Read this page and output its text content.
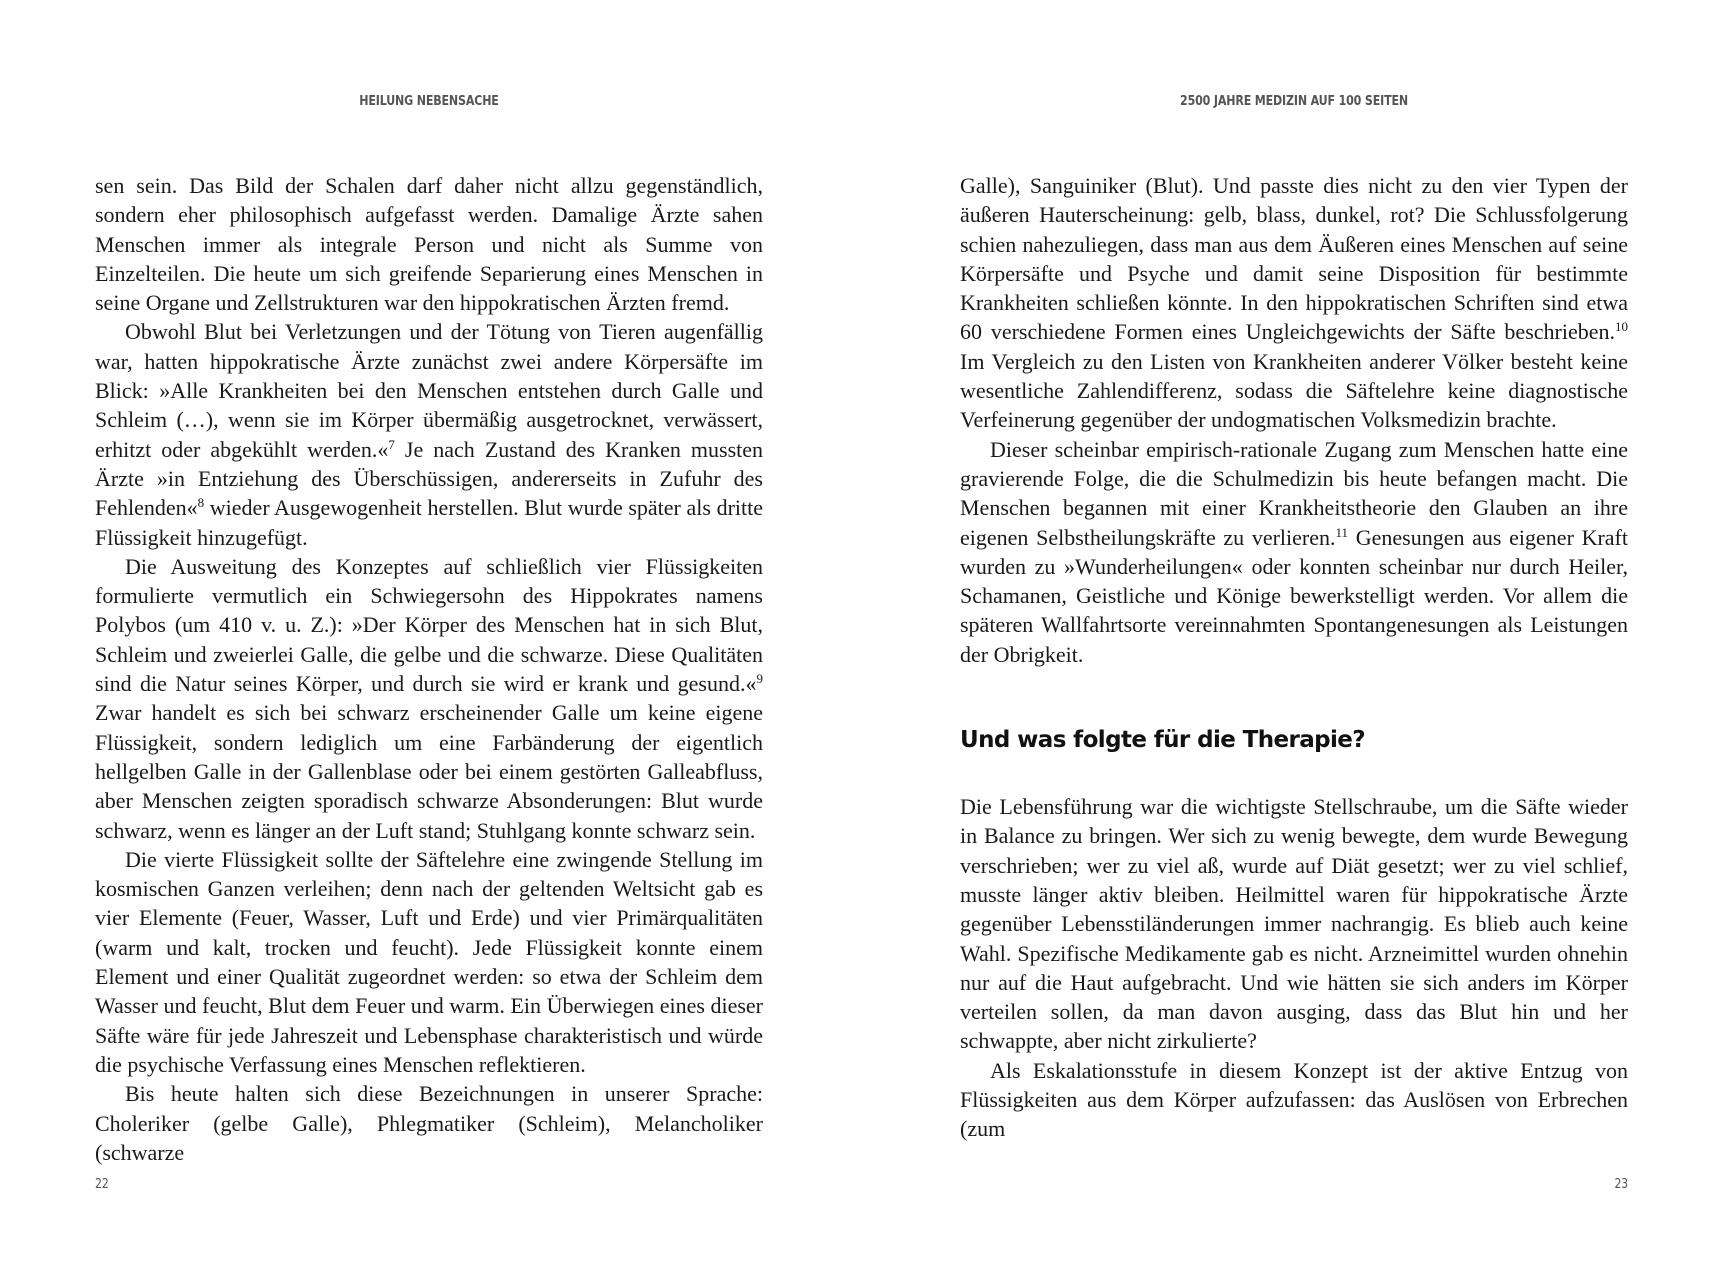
HEILUNG NEBENSACHE

sen sein. Das Bild der Schalen darf daher nicht allzu gegenständlich, sondern eher philosophisch aufgefasst werden. Damalige Ärzte sahen Menschen immer als integrale Person und nicht als Summe von Einzelteilen. Die heute um sich greifende Separierung eines Menschen in seine Organe und Zellstrukturen war den hippokratischen Ärzten fremd.

Obwohl Blut bei Verletzungen und der Tötung von Tieren augenfällig war, hatten hippokratische Ärzte zunächst zwei andere Körpersäfte im Blick: »Alle Krankheiten bei den Menschen entstehen durch Galle und Schleim (…), wenn sie im Körper übermäßig ausgetrocknet, verwässert, erhitzt oder abgekühlt werden.«$^7$ Je nach Zustand des Kranken mussten Ärzte »in Entziehung des Überschüssigen, andererseits in Zufuhr des Fehlenden«$^8$ wieder Ausgewogenheit herstellen. Blut wurde später als dritte Flüssigkeit hinzugefügt.

Die Ausweitung des Konzeptes auf schließlich vier Flüssigkeiten formulierte vermutlich ein Schwiegersohn des Hippokrates namens Polybos (um 410 v. u. Z.): »Der Körper des Menschen hat in sich Blut, Schleim und zweierlei Galle, die gelbe und die schwarze. Diese Qualitäten sind die Natur seines Körper, und durch sie wird er krank und gesund.«$^9$ Zwar handelt es sich bei schwarz erscheinender Galle um keine eigene Flüssigkeit, sondern lediglich um eine Farbänderung der eigentlich hellgelben Galle in der Gallenblase oder bei einem gestörten Galleabfluss, aber Menschen zeigten sporadisch schwarze Absonderungen: Blut wurde schwarz, wenn es länger an der Luft stand; Stuhlgang konnte schwarz sein.

Die vierte Flüssigkeit sollte der Säftelehre eine zwingende Stellung im kosmischen Ganzen verleihen; denn nach der geltenden Weltsicht gab es vier Elemente (Feuer, Wasser, Luft und Erde) und vier Primärqualitäten (warm und kalt, trocken und feucht). Jede Flüssigkeit konnte einem Element und einer Qualität zugeordnet werden: so etwa der Schleim dem Wasser und feucht, Blut dem Feuer und warm. Ein Überwiegen eines dieser Säfte wäre für jede Jahreszeit und Lebensphase charakteristisch und würde die psychische Verfassung eines Menschen reflektieren.

Bis heute halten sich diese Bezeichnungen in unserer Sprache: Choleriker (gelbe Galle), Phlegmatiker (Schleim), Melancholiker (schwarze

22
2500 JAHRE MEDIZIN AUF 100 SEITEN

Galle), Sanguiniker (Blut). Und passte dies nicht zu den vier Typen der äußeren Hauterscheinung: gelb, blass, dunkel, rot? Die Schlussfolgerung schien nahezuliegen, dass man aus dem Äußeren eines Menschen auf seine Körpersäfte und Psyche und damit seine Disposition für bestimmte Krankheiten schließen könnte. In den hippokratischen Schriften sind etwa 60 verschiedene Formen eines Ungleichgewichts der Säfte beschrieben.$^{10}$ Im Vergleich zu den Listen von Krankheiten anderer Völker besteht keine wesentliche Zahlendifferenz, sodass die Säftelehre keine diagnostische Verfeinerung gegenüber der undogmatischen Volksmedizin brachte.

Dieser scheinbar empirisch-rationale Zugang zum Menschen hatte eine gravierende Folge, die die Schulmedizin bis heute befangen macht. Die Menschen begannen mit einer Krankheitstheorie den Glauben an ihre eigenen Selbstheilungskräfte zu verlieren.$^{11}$ Genesungen aus eigener Kraft wurden zu »Wunderheilungen« oder konnten scheinbar nur durch Heiler, Schamanen, Geistliche und Könige bewerkstelligt werden. Vor allem die späteren Wallfahrtsorte vereinnahmten Spontangenesungen als Leistungen der Obrigkeit.

Und was folgte für die Therapie?

Die Lebensführung war die wichtigste Stellschraube, um die Säfte wieder in Balance zu bringen. Wer sich zu wenig bewegte, dem wurde Bewegung verschrieben; wer zu viel aß, wurde auf Diät gesetzt; wer zu viel schlief, musste länger aktiv bleiben. Heilmittel waren für hippokratische Ärzte gegenüber Lebensstiländerungen immer nachrangig. Es blieb auch keine Wahl. Spezifische Medikamente gab es nicht. Arzneimittel wurden ohnehin nur auf die Haut aufgebracht. Und wie hätten sie sich anders im Körper verteilen sollen, da man davon ausging, dass das Blut hin und her schwappte, aber nicht zirkulierte?

Als Eskalationsstufe in diesem Konzept ist der aktive Entzug von Flüssigkeiten aus dem Körper aufzufassen: das Auslösen von Erbrechen (zum

23
